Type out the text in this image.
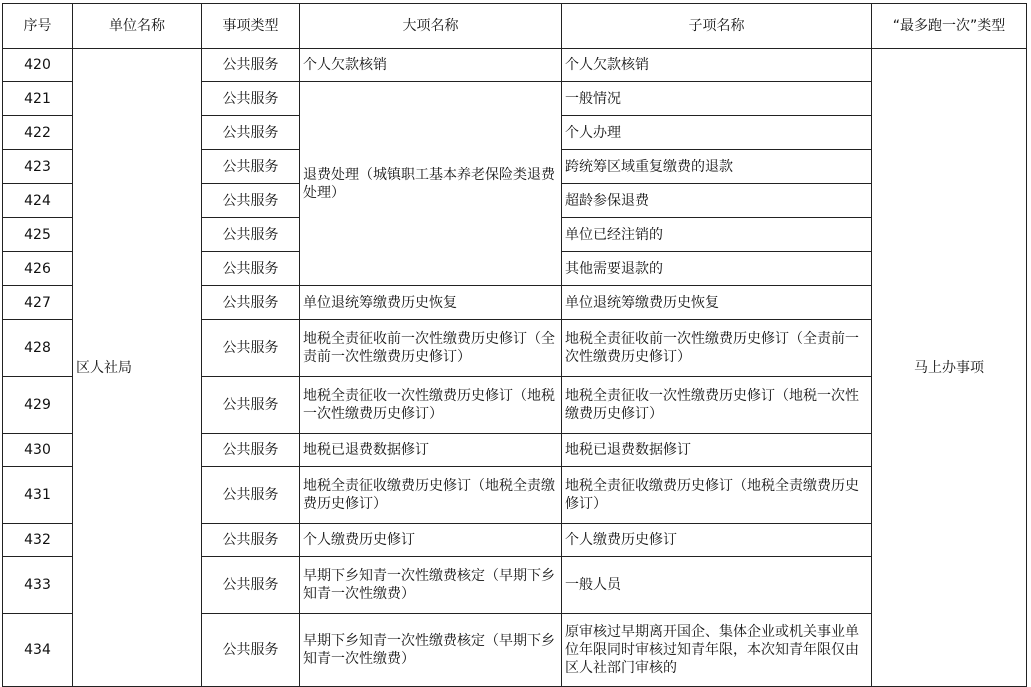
序号	单位名称	事项类型	大项名称	子项名称	“最多跑一次”类型
420	区人社局	公共服务	个人欠款核销	个人欠款核销	马上办事项
421		公共服务	退费处理（城镇职工基本养老保险类退费处理）	一般情况	
422		公共服务		个人办理	
423		公共服务		跨统筹区域重复缴费的退款	
424		公共服务		超龄参保退费	
425		公共服务		单位已经注销的	
426		公共服务		其他需要退款的	
427		公共服务	单位退统筹缴费历史恢复	单位退统筹缴费历史恢复	
428		公共服务	地税全责征收前一次性缴费历史修订（全责前一次性缴费历史修订）	地税全责征收前一次性缴费历史修订（全责前一次性缴费历史修订）	
429		公共服务	地税全责征收一次性缴费历史修订（地税一次性缴费历史修订）	地税全责征收一次性缴费历史修订（地税一次性缴费历史修订）	
430		公共服务	地税已退费数据修订	地税已退费数据修订	
431		公共服务	地税全责征收缴费历史修订（地税全责缴费历史修订）	地税全责征收缴费历史修订（地税全责缴费历史修订）	
432		公共服务	个人缴费历史修订	个人缴费历史修订	
433		公共服务	早期下乡知青一次性缴费核定（早期下乡知青一次性缴费）	一般人员	
434		公共服务	早期下乡知青一次性缴费核定（早期下乡知青一次性缴费）	原审核过早期离开国企、集体企业或机关事业单位年限同时审核过知青年限，本次知青年限仅由区人社部门审核的	
